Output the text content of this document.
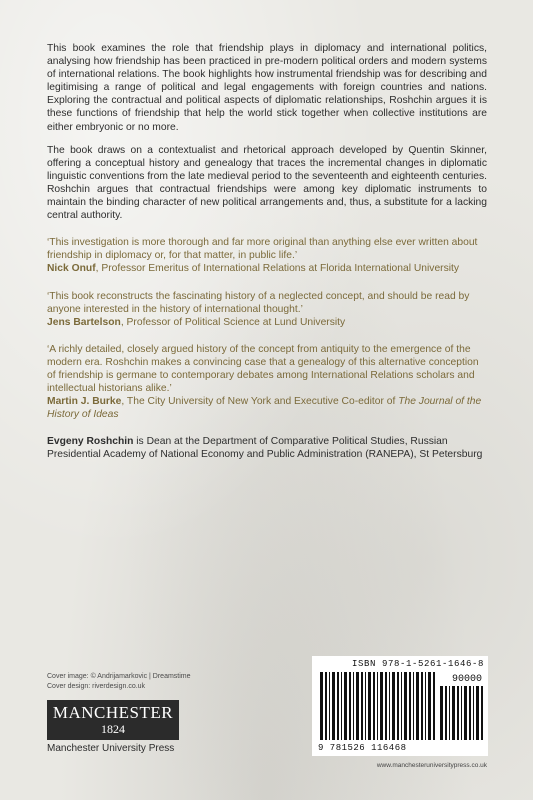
This book examines the role that friendship plays in diplomacy and international politics, analysing how friendship has been practiced in pre-modern political orders and modern systems of international relations. The book highlights how instrumental friendship was for describing and legitimising a range of political and legal engagements with foreign countries and nations. Exploring the contractual and political aspects of diplomatic relationships, Roshchin argues it is these functions of friendship that help the world stick together when collective institutions are either embryonic or no more.

The book draws on a contextualist and rhetorical approach developed by Quentin Skinner, offering a conceptual history and genealogy that traces the incremental changes in diplomatic linguistic conventions from the late medieval period to the seventeenth and eighteenth centuries. Roshchin argues that contractual friendships were among key diplomatic instruments to maintain the binding character of new political arrangements and, thus, a substitute for a lacking central authority.

‘This investigation is more thorough and far more original than anything else ever written about friendship in diplomacy or, for that matter, in public life.’
Nick Onuf, Professor Emeritus of International Relations at Florida International University
‘This book reconstructs the fascinating history of a neglected concept, and should be read by anyone interested in the history of international thought.’
Jens Bartelson, Professor of Political Science at Lund University
‘A richly detailed, closely argued history of the concept from antiquity to the emergence of the modern era. Roshchin makes a convincing case that a genealogy of this alternative conception of friendship is germane to contemporary debates among International Relations scholars and intellectual historians alike.’
Martin J. Burke, The City University of New York and Executive Co-editor of The Journal of the History of Ideas

Evgeny Roshchin is Dean at the Department of Comparative Political Studies, Russian Presidential Academy of National Economy and Public Administration (RANEPA), St Petersburg

Cover image: © Andrijamarkovic | Dreamstime
Cover design: riverdesign.co.uk
MANCHESTER
1824
Manchester University Press
ISBN 978-1-5261-1646-8
90000
9 781526 116468
www.manchesteruniversitypress.co.uk
